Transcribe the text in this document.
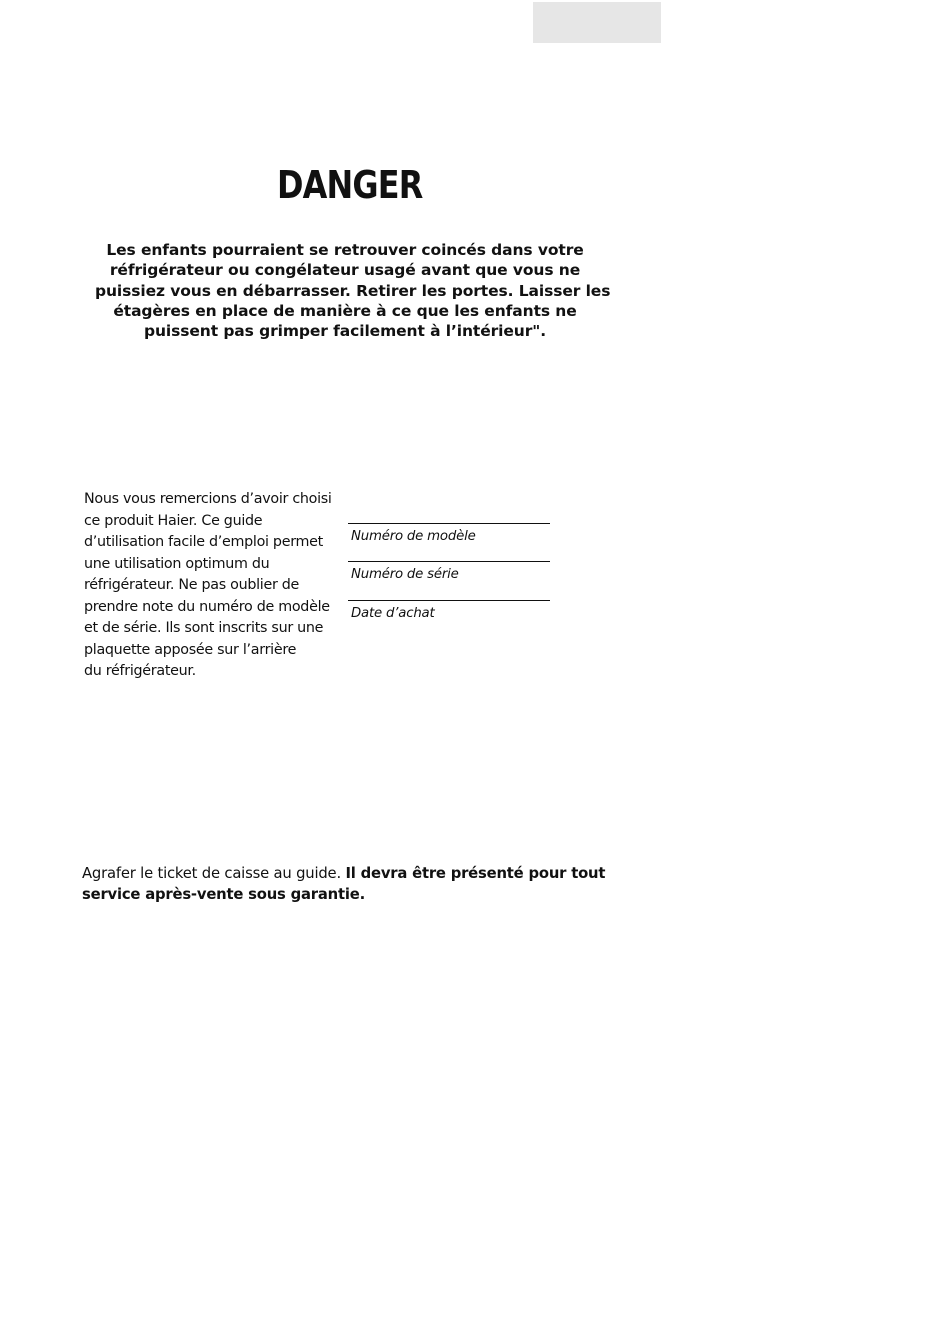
DANGER
Les enfants pourraient se retrouver coincés dans votre
réfrigérateur ou congélateur usagé avant que vous ne
puissiez vous en débarrasser. Retirer les portes. Laisser les
étagères en place de manière à ce que les enfants ne
puissent pas grimper facilement à l’intérieur".
Nous vous remercions d’avoir choisi
ce produit Haier. Ce guide
d’utilisation facile d’emploi permet
une utilisation optimum du
réfrigérateur. Ne pas oublier de
prendre note du numéro de modèle
et de série. Ils sont inscrits sur une
plaquette apposée sur l’arrière
du réfrigérateur.
Numéro de modèle
Numéro de série
Date d’achat
Agrafer le ticket de caisse au guide. Il devra être présenté pour tout
service après-vente sous garantie.
